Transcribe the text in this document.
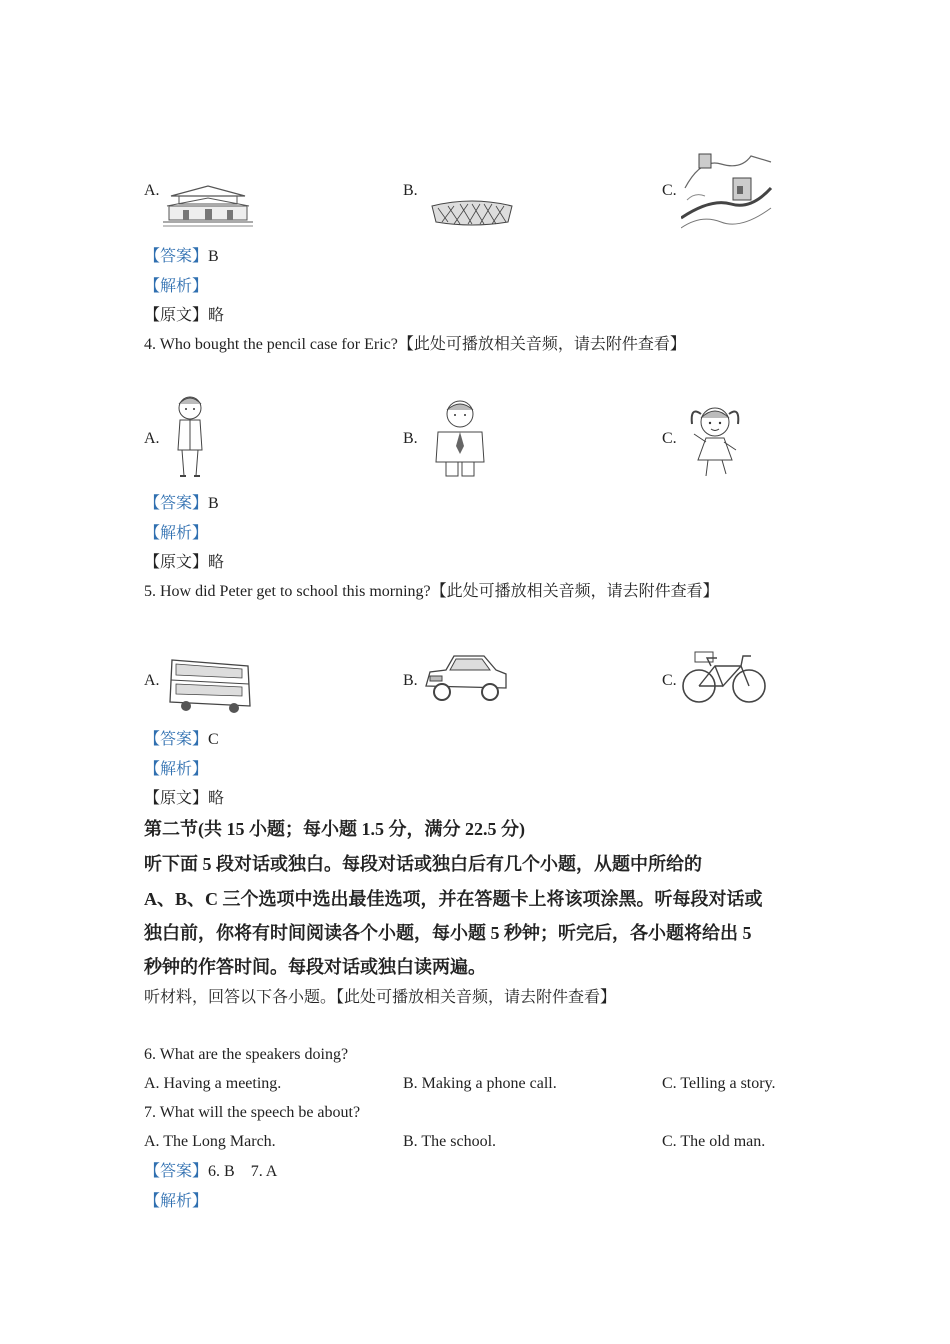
A.	B.	C.
【答案】B
【解析】
【原文】略
4. Who bought the pencil case for Eric?【此处可播放相关音频，请去附件查看】
A.	B.	C.
【答案】B
【解析】
【原文】略
5. How did Peter get to school this morning?【此处可播放相关音频，请去附件查看】
A.	B.	C.
【答案】C
【解析】
【原文】略
第二节(共 15 小题；每小题 1.5 分，满分 22.5 分)
听下面 5 段对话或独白。每段对话或独白后有几个小题，从题中所给的
A、B、C 三个选项中选出最佳选项，并在答题卡上将该项涂黑。听每段对话或
独白前，你将有时间阅读各个小题，每小题 5 秒钟；听完后，各小题将给出 5
秒钟的作答时间。每段对话或独白读两遍。
听材料，回答以下各小题。【此处可播放相关音频，请去附件查看】
6. What are the speakers doing?
A. Having a meeting.	B. Making a phone call.	C. Telling a story.
7. What will the speech be about?
A. The Long March.	B. The school.	C. The old man.
【答案】6. B    7. A
【解析】
